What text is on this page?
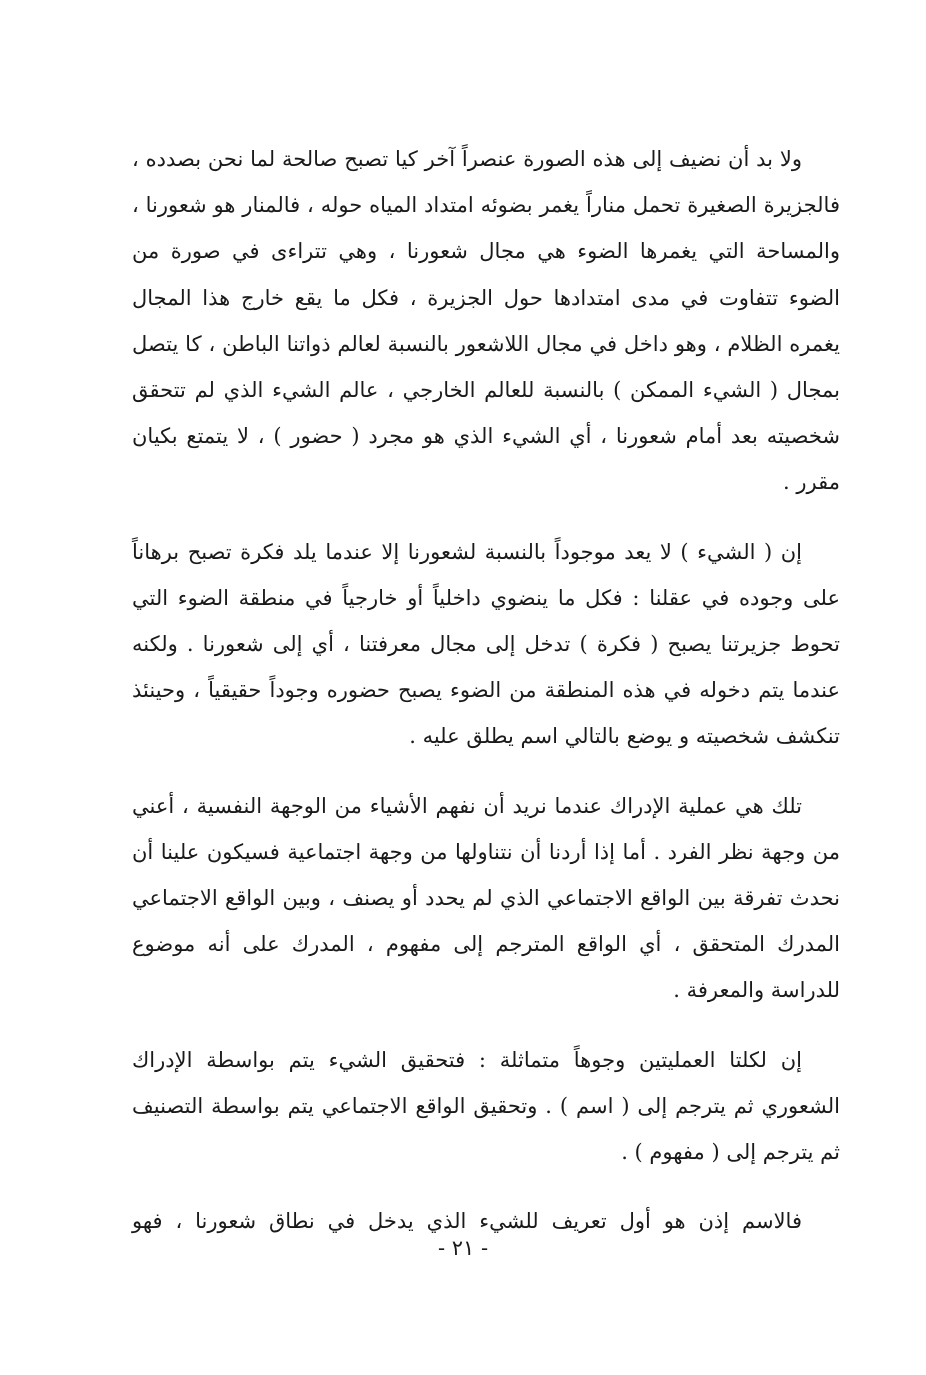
ولا بد أن نضيف إلى هذه الصورة عنصراً آخر كيا تصبح صالحة لما نحن بصدده ، فالجزيرة الصغيرة تحمل مناراً يغمر بضوئه امتداد المياه حوله ، فالمنار هو شعورنا ، والمساحة التي يغمرها الضوء هي مجال شعورنا ، وهي تتراءى في صورة من الضوء تتفاوت في مدى امتدادها حول الجزيرة ، فكل ما يقع خارج هذا المجال يغمره الظلام ، وهو داخل في مجال اللاشعور بالنسبة لعالم ذواتنا الباطن ، كا يتصل بمجال ( الشيء الممكن ) بالنسبة للعالم الخارجي ، عالم الشيء الذي لم تتحقق شخصيته بعد أمام شعورنا ، أي الشيء الذي هو مجرد ( حضور ) ، لا يتمتع بكيان مقرر .

إن ( الشيء ) لا يعد موجوداً بالنسبة لشعورنا إلا عندما يلد فكرة تصبح برهاناً على وجوده في عقلنا : فكل ما ينضوي داخلياً أو خارجياً في منطقة الضوء التي تحوط جزيرتنا يصبح ( فكرة ) تدخل إلى مجال معرفتنا ، أي إلى شعورنا . ولكنه عندما يتم دخوله في هذه المنطقة من الضوء يصبح حضوره وجوداً حقيقياً ، وحينئذ تنكشف شخصيته و يوضع بالتالي اسم يطلق عليه .

تلك هي عملية الإدراك عندما نريد أن نفهم الأشياء من الوجهة النفسية ، أعني من وجهة نظر الفرد . أما إذا أردنا أن نتناولها من وجهة اجتماعية فسيكون علينا أن نحدث تفرقة بين الواقع الاجتماعي الذي لم يحدد أو يصنف ، وبين الواقع الاجتماعي المدرك المتحقق ، أي الواقع المترجم إلى مفهوم ، المدرك على أنه موضوع للدراسة والمعرفة .

إن لكلتا العمليتين وجوهاً متماثلة : فتحقيق الشيء يتم بواسطة الإدراك الشعوري ثم يترجم إلى ( اسم ) . وتحقيق الواقع الاجتماعي يتم بواسطة التصنيف ثم يترجم إلى ( مفهوم ) .

فالاسم إذن هو أول تعريف للشيء الذي يدخل في نطاق شعورنا ، فهو

- ٢١ -
